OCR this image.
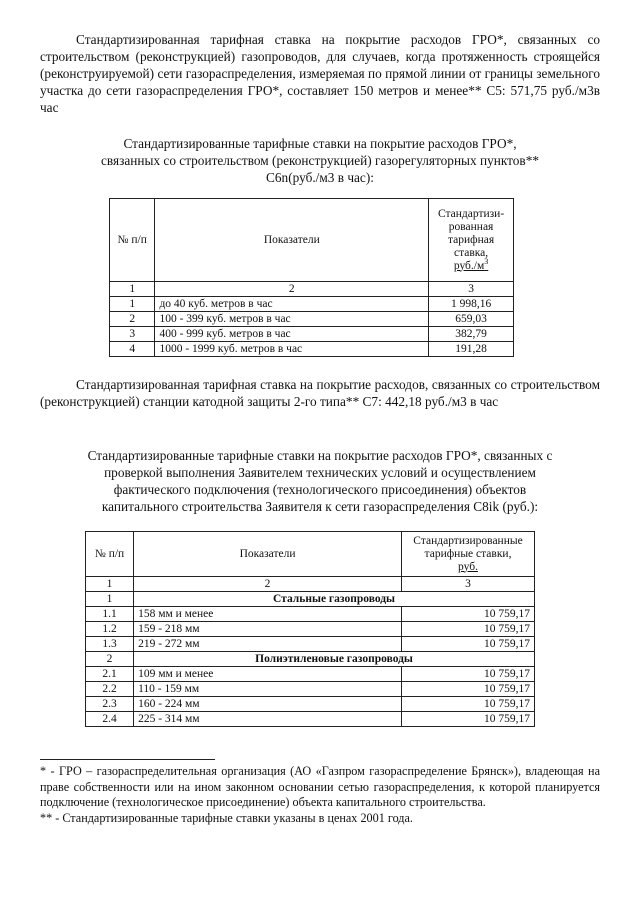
Стандартизированная тарифная ставка на покрытие расходов ГРО*, связанных со строительством (реконструкцией) газопроводов, для случаев, когда протяженность строящейся (реконструируемой) сети газораспределения, измеряемая по прямой линии от границы земельного участка до сети газораспределения ГРО*, составляет 150 метров и менее** С5: 571,75 руб./м3в час

Стандартизированные тарифные ставки на покрытие расходов ГРО*,
связанных со строительством (реконструкцией) газорегуляторных пунктов**
С6n(руб./м3 в час):
№ п/п	Показатели	Стандартизи-
рованная
тарифная
ставка,
$руб./м^3$

1	2	3
1	до 40 куб. метров в час	1 998,16
2	100 - 399 куб. метров в час	659,03
3	400 - 999 куб. метров в час	382,79
4	1000 - 1999 куб. метров в час	191,28

Стандартизированная тарифная ставка на покрытие расходов, связанных со строительством (реконструкцией) станции катодной защиты 2-го типа** С7: 442,18 руб./м3 в час

Стандартизированные тарифные ставки на покрытие расходов ГРО*, связанных с
проверкой выполнения Заявителем технических условий и осуществлением
фактического подключения (технологического присоединения) объектов
капитального строительства Заявителя к сети газораспределения С8ik (руб.):
№ п/п	Показатели	Стандартизированные
тарифные ставки,
руб.

1	2	3
1	Стальные газопроводы	
1.1	158 мм и менее	10 759,17
1.2	159 - 218 мм	10 759,17
1.3	219 - 272 мм	10 759,17
2	Полиэтиленовые газопроводы	
2.1	109 мм и менее	10 759,17
2.2	110 - 159 мм	10 759,17
2.3	160 - 224 мм	10 759,17
2.4	225 - 314 мм	10 759,17
* - ГРО – газораспределительная организация (АО «Газпром газораспределение Брянск»), владеющая на праве собственности или на ином законном основании сетью газораспределения, к которой планируется подключение (технологическое присоединение) объекта капитального строительства.
** - Стандартизированные тарифные ставки указаны в ценах 2001 года.
